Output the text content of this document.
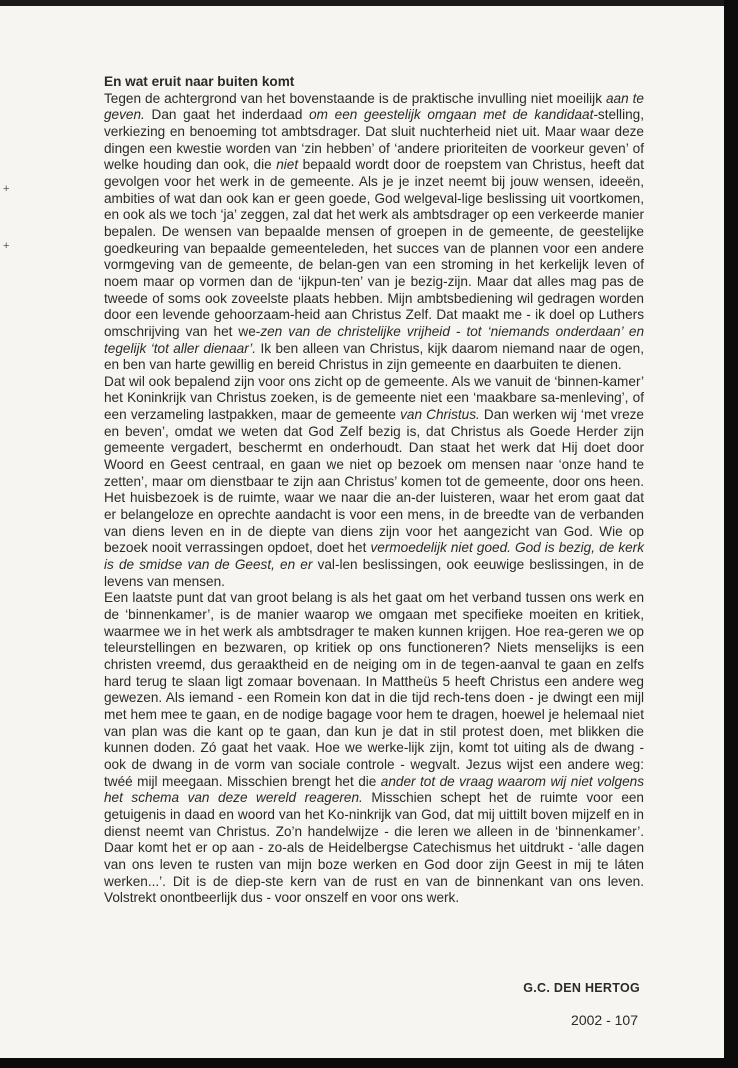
+
+

En wat eruit naar buiten komt

Tegen de achtergrond van het bovenstaande is de praktische invulling niet moeilijk aan te geven. Dan gaat het inderdaad om een geestelijk omgaan met de kandidaat-stelling, verkiezing en benoeming tot ambtsdrager. Dat sluit nuchterheid niet uit. Maar waar deze dingen een kwestie worden van ‘zin hebben’ of ‘andere prioriteiten de voorkeur geven’ of welke houding dan ook, die niet bepaald wordt door de roepstem van Christus, heeft dat gevolgen voor het werk in de gemeente. Als je je inzet neemt bij jouw wensen, ideeën, ambities of wat dan ook kan er geen goede, God welgeval-lige beslissing uit voortkomen, en ook als we toch ‘ja’ zeggen, zal dat het werk als ambtsdrager op een verkeerde manier bepalen. De wensen van bepaalde mensen of groepen in de gemeente, de geestelijke goedkeuring van bepaalde gemeenteleden, het succes van de plannen voor een andere vormgeving van de gemeente, de belan-gen van een stroming in het kerkelijk leven of noem maar op vormen dan de ‘ijkpun-ten’ van je bezig-zijn. Maar dat alles mag pas de tweede of soms ook zoveelste plaats hebben. Mijn ambtsbediening wil gedragen worden door een levende gehoorzaam-heid aan Christus Zelf. Dat maakt me - ik doel op Luthers omschrijving van het we-zen van de christelijke vrijheid - tot ‘niemands onderdaan’ en tegelijk ‘tot aller dienaar’. Ik ben alleen van Christus, kijk daarom niemand naar de ogen, en ben van harte gewillig en bereid Christus in zijn gemeente en daarbuiten te dienen.

Dat wil ook bepalend zijn voor ons zicht op de gemeente. Als we vanuit de ‘binnen-kamer’ het Koninkrijk van Christus zoeken, is de gemeente niet een ‘maakbare sa-menleving’, of een verzameling lastpakken, maar de gemeente van Christus. Dan werken wij ‘met vreze en beven’, omdat we weten dat God Zelf bezig is, dat Christus als Goede Herder zijn gemeente vergadert, beschermt en onderhoudt. Dan staat het werk dat Hij doet door Woord en Geest centraal, en gaan we niet op bezoek om mensen naar ‘onze hand te zetten’, maar om dienstbaar te zijn aan Christus’ komen tot de gemeente, door ons heen. Het huisbezoek is de ruimte, waar we naar die an-der luisteren, waar het erom gaat dat er belangeloze en oprechte aandacht is voor een mens, in de breedte van de verbanden van diens leven en in de diepte van diens zijn voor het aangezicht van God. Wie op bezoek nooit verrassingen opdoet, doet het vermoedelijk niet goed. God is bezig, de kerk is de smidse van de Geest, en er val-len beslissingen, ook eeuwige beslissingen, in de levens van mensen.

Een laatste punt dat van groot belang is als het gaat om het verband tussen ons werk en de ‘binnenkamer’, is de manier waarop we omgaan met specifieke moeiten en kritiek, waarmee we in het werk als ambtsdrager te maken kunnen krijgen. Hoe rea-geren we op teleurstellingen en bezwaren, op kritiek op ons functioneren? Niets menselijks is een christen vreemd, dus geraaktheid en de neiging om in de tegen-aanval te gaan en zelfs hard terug te slaan ligt zomaar bovenaan. In Mattheüs 5 heeft Christus een andere weg gewezen. Als iemand - een Romein kon dat in die tijd rech-tens doen - je dwingt een mijl met hem mee te gaan, en de nodige bagage voor hem te dragen, hoewel je helemaal niet van plan was die kant op te gaan, dan kun je dat in stil protest doen, met blikken die kunnen doden. Zó gaat het vaak. Hoe we werke-lijk zijn, komt tot uiting als de dwang - ook de dwang in de vorm van sociale controle - wegvalt. Jezus wijst een andere weg: twéé mijl meegaan. Misschien brengt het die ander tot de vraag waarom wij niet volgens het schema van deze wereld reageren. Misschien schept het de ruimte voor een getuigenis in daad en woord van het Ko-ninkrijk van God, dat mij uittilt boven mijzelf en in dienst neemt van Christus. Zo’n handelwijze - die leren we alleen in de ‘binnenkamer’. Daar komt het er op aan - zo-als de Heidelbergse Catechismus het uitdrukt - ‘alle dagen van ons leven te rusten van mijn boze werken en God door zijn Geest in mij te láten werken...’. Dit is de diep-ste kern van de rust en van de binnenkant van ons leven. Volstrekt onontbeerlijk dus - voor onszelf en voor ons werk.

G.C. DEN HERTOG
2002 - 107
